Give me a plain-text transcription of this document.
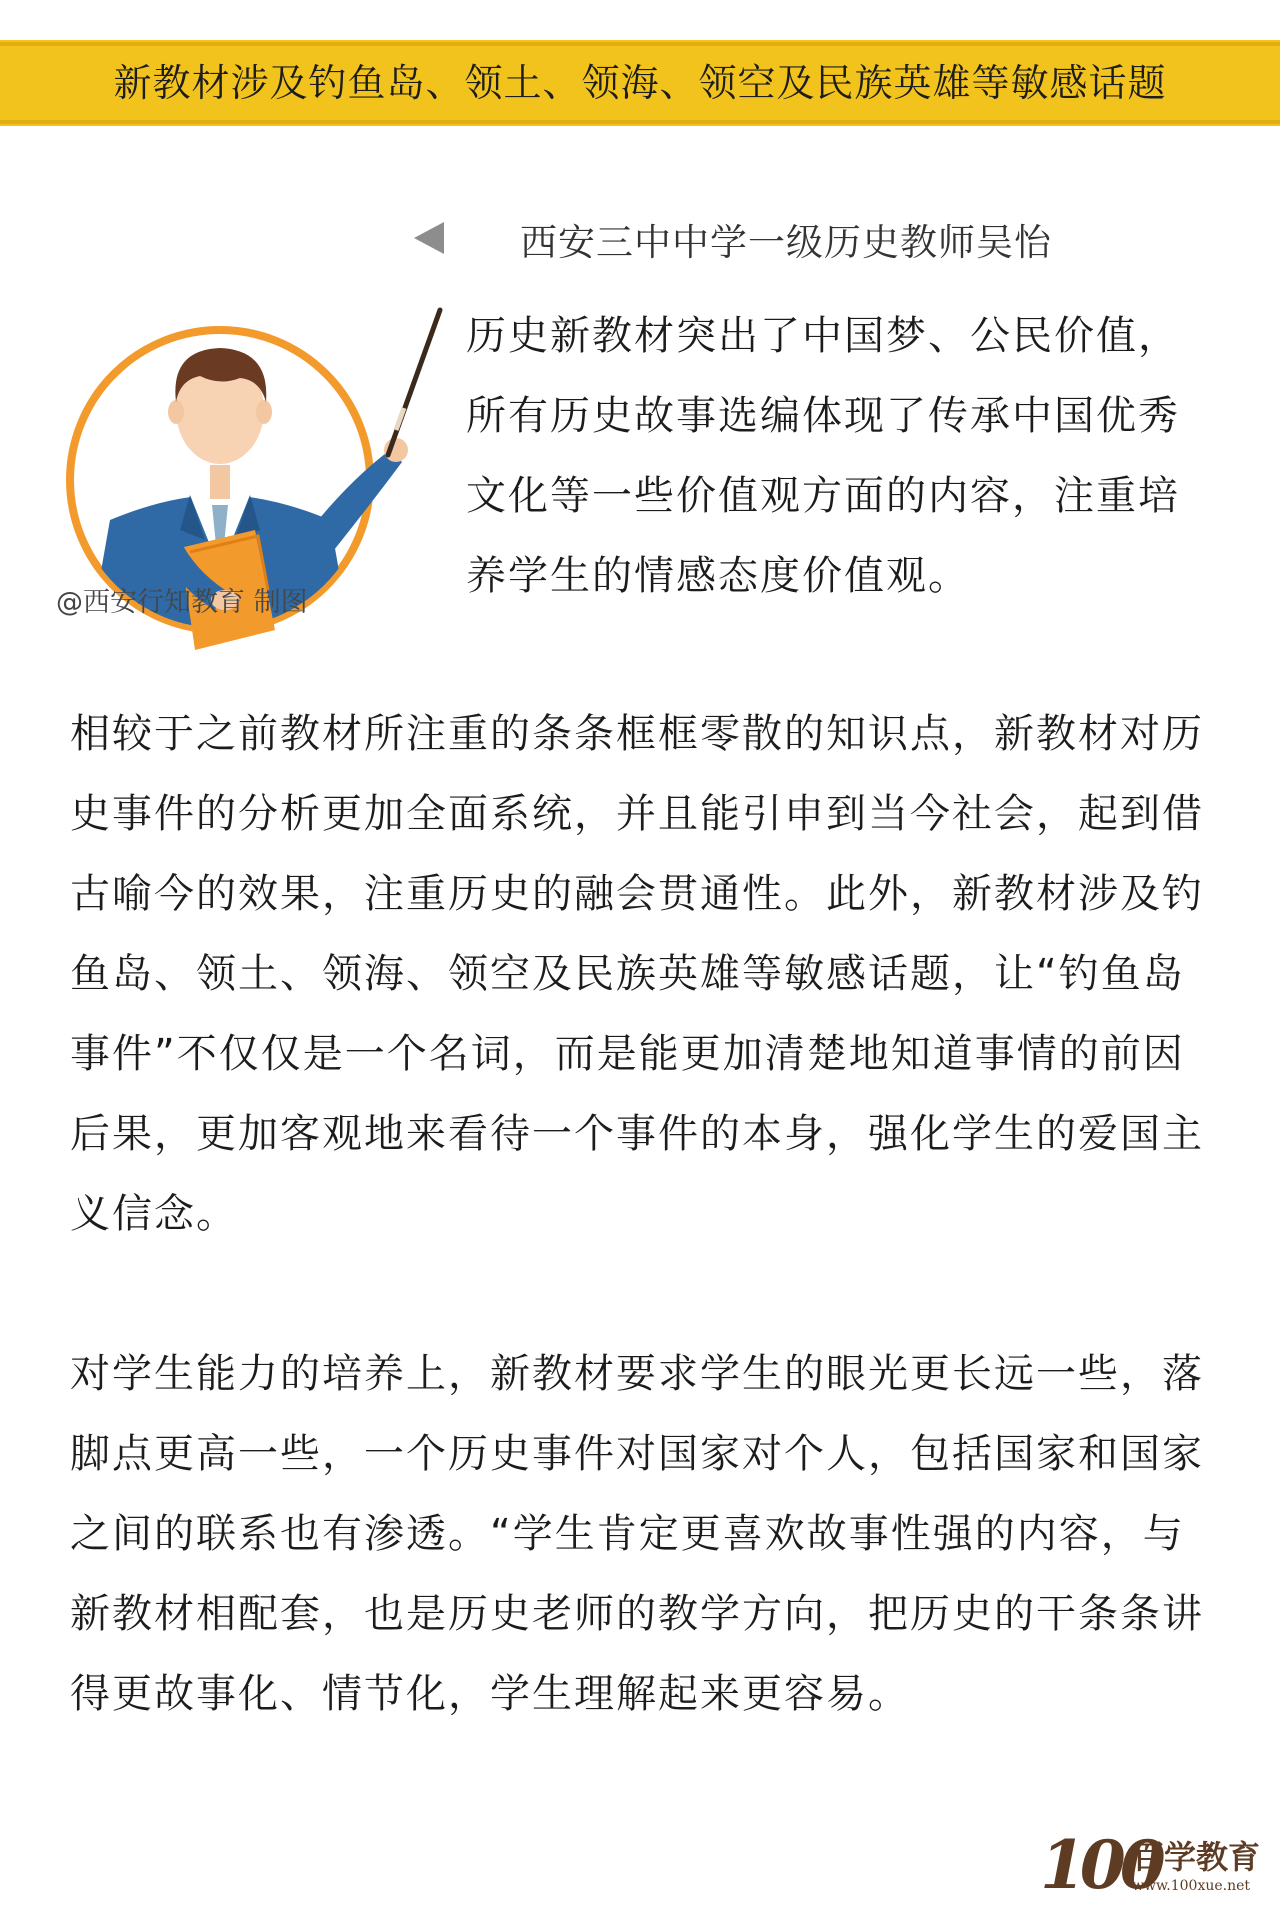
新教材涉及钓鱼岛、领土、领海、领空及民族英雄等敏感话题
西安三中中学一级历史教师吴怡
@西安行知教育 制图

历史新教材突出了中国梦、公民价值，所有历史故事选编体现了传承中国优秀文化等一些价值观方面的内容，注重培养学生的情感态度价值观。

相较于之前教材所注重的条条框框零散的知识点，新教材对历史事件的分析更加全面系统，并且能引申到当今社会，起到借古喻今的效果，注重历史的融会贯通性。此外，新教材涉及钓鱼岛、领土、领海、领空及民族英雄等敏感话题，让“钓鱼岛事件”不仅仅是一个名词，而是能更加清楚地知道事情的前因后果，更加客观地来看待一个事件的本身，强化学生的爱国主义信念。

对学生能力的培养上，新教材要求学生的眼光更长远一些，落脚点更高一些，一个历史事件对国家对个人，包括国家和国家之间的联系也有渗透。“学生肯定更喜欢故事性强的内容，与新教材相配套，也是历史老师的教学方向，把历史的干条条讲得更故事化、情节化，学生理解起来更容易。

100
百学教育
www.100xue.net
